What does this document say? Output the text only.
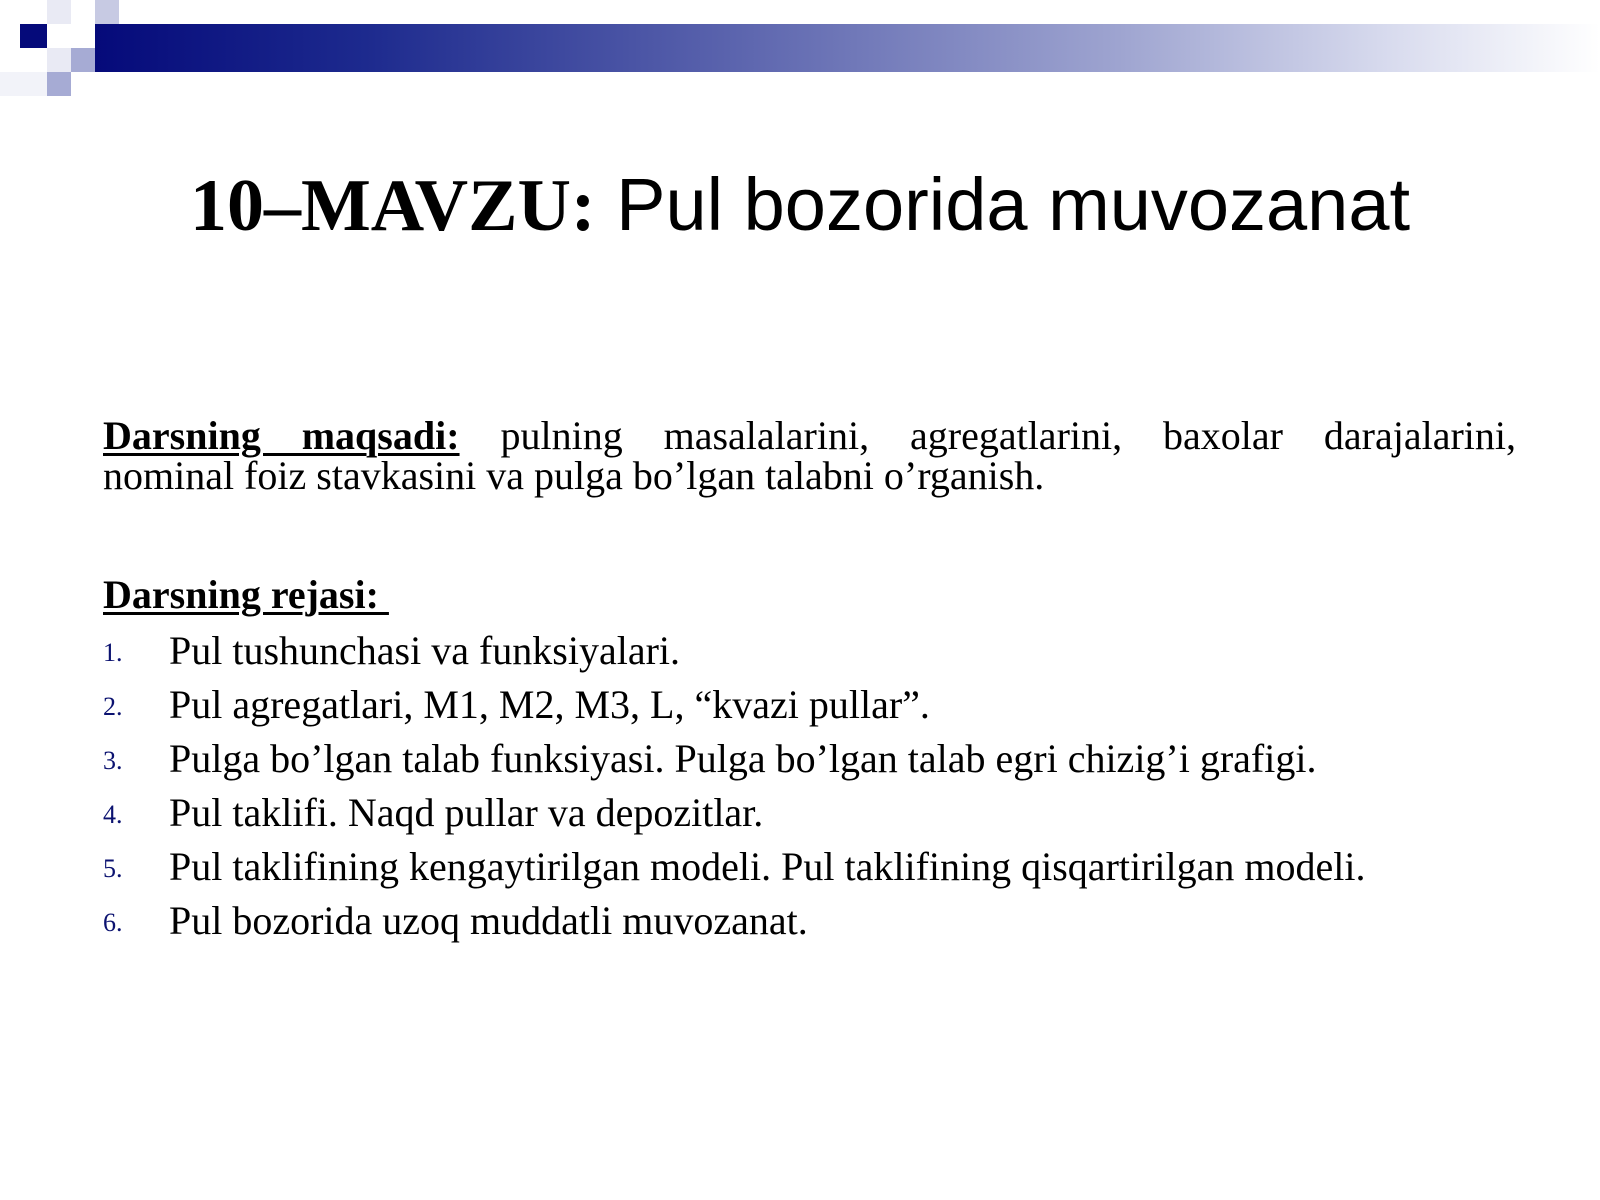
10–MAVZU: Pul bozorida muvozanat
Darsning maqsadi: pulning masalalarini, agregatlarini, baxolar darajalarini,
nominal foiz stavkasini va pulga bo’lgan talabni o’rganish.
Darsning rejasi:
1. Pul tushunchasi va funksiyalari.
2. Pul agregatlari, M1, M2, M3, L, “kvazi pullar”.
3. Pulga bo’lgan talab funksiyasi. Pulga bo’lgan talab egri chizig’i grafigi.
4. Pul taklifi. Naqd pullar va depozitlar.
5. Pul taklifining kengaytirilgan modeli. Pul taklifining qisqartirilgan modeli.
6. Pul bozorida uzoq muddatli muvozanat.
